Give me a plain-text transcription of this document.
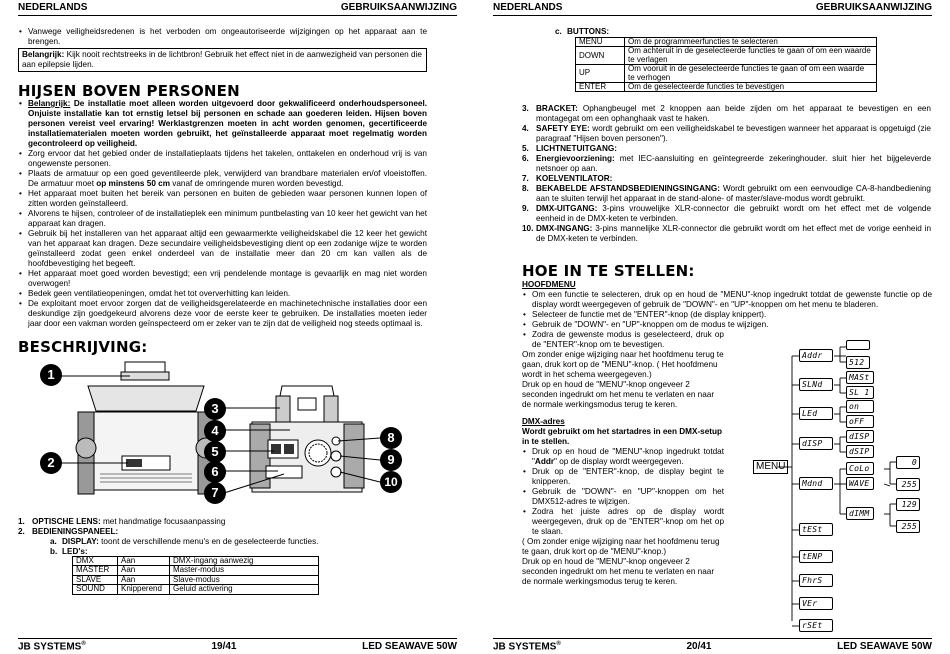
NEDERLANDS	GEBRUIKSAANWIJZING
• Vanwege veiligheidsredenen is het verboden om ongeautoriseerde wijzigingen op het apparaat aan te brengen.
Belangrijk: Kijk nooit rechtstreeks in de lichtbron! Gebruik het effect niet in de aanwezigheid van personen die aan epilepsie lijden.
HIJSEN BOVEN PERSONEN
• Belangrijk: De installatie moet alleen worden uitgevoerd door gekwalificeerd onderhoudspersoneel. Onjuiste installatie kan tot ernstig letsel bij personen en schade aan goederen leiden. Hijsen boven personen vereist veel ervaring! Werklastgrenzen moeten in acht worden genomen, gecertificeerde installatiematerialen moeten worden gebruikt, het geïnstalleerde apparaat moet regelmatig worden gecontroleerd op veiligheid.
• Zorg ervoor dat het gebied onder de installatieplaats tijdens het takelen, onttakelen en onderhoud vrij is van ongewenste personen.
• Plaats de armatuur op een goed geventileerde plek, verwijderd van brandbare materialen en/of vloeistoffen. De armatuur moet op minstens 50 cm vanaf de omringende muren worden bevestigd.
• Het apparaat moet buiten het bereik van personen en buiten de gebieden waar personen kunnen lopen of zitten worden geïnstalleerd.
• Alvorens te hijsen, controleer of de installatieplek een minimum puntbelasting van 10 keer het gewicht van het apparaat kan dragen.
• Gebruik bij het installeren van het apparaat altijd een gewaarmerkte veiligheidskabel die 12 keer het gewicht van het apparaat kan dragen. Deze secundaire veiligheidsbevestiging dient op een zodanige wijze te worden geïnstalleerd zodat geen enkel onderdeel van de installatie meer dan 20 cm kan vallen als de hoofdbevestiging het begeeft.
• Het apparaat moet goed worden bevestigd; een vrij pendelende montage is gevaarlijk en mag niet worden overwogen!
• Bedek geen ventilatieopeningen, omdat het tot oververhitting kan leiden.
• De exploitant moet ervoor zorgen dat de veiligheidsgerelateerde en machinetechnische installaties door een deskundige zijn goedgekeurd alvorens deze voor de eerste keer te gebruiken. De installaties moeten ieder jaar door een vakman worden geïnspecteerd om er zeker van te zijn dat de veiligheid nog steeds optimaal is.
BESCHRIJVING:
1
2
3
4
5
6
7
8
9
10
1. OPTISCHE LENS: met handmatige focusaanpassing
2. BEDIENINGSPANEEL:
a. DISPLAY: toont de verschillende menu's en de geselecteerde functies.
b. LED's:
DMX	Aan	DMX-ingang aanwezig
MASTER	Aan	Master-modus
SLAVE	Aan	Slave-modus
SOUND	Knipperend	Geluid activering
JB SYSTEMS®	19/41	LED SEAWAVE 50W
NEDERLANDS	GEBRUIKSAANWIJZING
c. BUTTONS:
MENU	Om de programmeerfuncties te selecteren
DOWN	Om achteruit in de geselecteerde functies te gaan of om een waarde te verlagen
UP	Om vooruit in de geselecteerde functies te gaan of om een waarde te verhogen
ENTER	Om de geselecteerde functies te bevestigen
3. BRACKET: Ophangbeugel met 2 knoppen aan beide zijden om het apparaat te bevestigen en een montagegat om een ophanghaak vast te haken.
4. SAFETY EYE: wordt gebruikt om een veiligheidskabel te bevestigen wanneer het apparaat is opgetuigd (zie paragraaf "Hijsen boven personen").
5. LICHTNETUITGANG:
6. Energievoorziening: met IEC-aansluiting en geïntegreerde zekeringhouder. sluit hier het bijgeleverde netsnoer op aan.
7. KOELVENTILATOR:
8. BEKABELDE AFSTANDSBEDIENINGSINGANG: Wordt gebruikt om een eenvoudige CA-8-handbediening aan te sluiten terwijl het apparaat in de stand-alone- of master/slave-modus wordt gebruikt.
9. DMX-UITGANG: 3-pins vrouwelijke XLR-connector die gebruikt wordt om het effect met de volgende eenheid in de DMX-keten te verbinden.
10. DMX-INGANG: 3-pins mannelijke XLR-connector die gebruikt wordt om het effect met de vorige eenheid in de DMX-keten te verbinden.
HOE IN TE STELLEN:
HOOFDMENU
• Om een functie te selecteren, druk op en houd de "MENU"-knop ingedrukt totdat de gewenste functie op de display wordt weergegeven of gebruik de "DOWN"- en "UP"-knoppen om het menu te bladeren.
• Selecteer de functie met de "ENTER"-knop (de display knippert).
• Gebruik de "DOWN"- en "UP"-knoppen om de modus te wijzigen.
• Zodra de gewenste modus is geselecteerd, druk op de "ENTER"-knop om te bevestigen.

Om zonder enige wijziging naar het hoofdmenu terug te gaan, druk kort op de "MENU"-knop. ( Het hoofdmenu wordt in het schema weergegeven.)

Druk op en houd de "MENU"-knop ongeveer 2 seconden ingedrukt om het menu te verlaten en naar de normale werkingsmodus terug te keren.

DMX-adres

Wordt gebruikt om het startadres in een DMX-setup in te stellen.

• Druk op en houd de "MENU"-knop ingedrukt totdat "Addr" op de display wordt weergegeven.
• Druk op de "ENTER"-knop, de display begint te knipperen.
• Gebruik de "DOWN"- en "UP"-knoppen om het DMX512-adres te wijzigen.
• Zodra het juiste adres op de display wordt weergegeven, druk op de "ENTER"-knop om het op te slaan.

( Om zonder enige wijziging naar het hoofdmenu terug te gaan, druk kort op de "MENU"-knop.)

Druk op en houd de "MENU"-knop ongeveer 2 seconden ingedrukt om het menu te verlaten en naar de normale werkingsmodus terug te keren.

MENU
Addr
512
SLNd
MASt
SL 1
LEd
on
oFF
dISP
dISP
dSIP
Mdnd
CoLo
WAVE
dIMM
0
255
129
255
tESt
tENP
FhrS
VEr
rSEt
JB SYSTEMS®	20/41	LED SEAWAVE 50W
